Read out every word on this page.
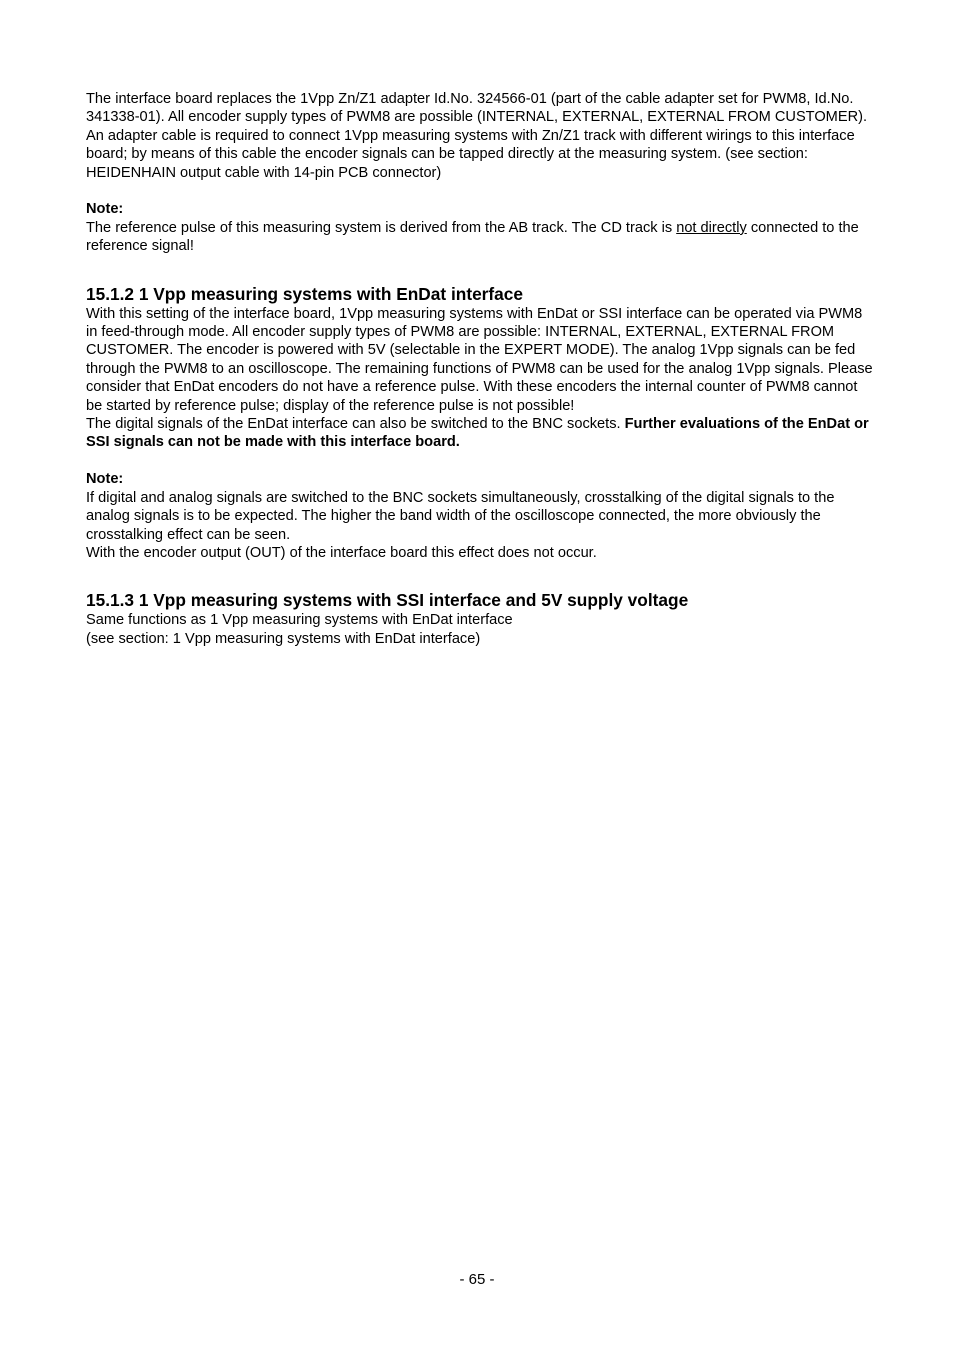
The interface board replaces the 1Vpp Zn/Z1 adapter Id.No. 324566-01 (part of the cable adapter set for PWM8, Id.No. 341338-01). All encoder supply types of PWM8 are possible (INTERNAL, EXTERNAL, EXTERNAL FROM CUSTOMER). An adapter cable is required to connect 1Vpp measuring systems with Zn/Z1 track with different wirings to this interface board; by means of this cable the encoder signals can be tapped directly at the measuring system. (see section: HEIDENHAIN output cable with 14-pin PCB connector)

Note:

The reference pulse of this measuring system is derived from the AB track. The CD track is not directly connected to the reference signal!

15.1.2 1 Vpp measuring systems with EnDat interface

With this setting of the interface board, 1Vpp measuring systems with EnDat or SSI interface can be operated via PWM8 in feed-through mode. All encoder supply types of PWM8 are possible: INTERNAL, EXTERNAL, EXTERNAL FROM CUSTOMER. The encoder is powered with 5V (selectable in the EXPERT MODE). The analog 1Vpp signals can be fed through the PWM8 to an oscilloscope. The remaining functions of PWM8 can be used for the analog 1Vpp signals. Please consider that EnDat encoders do not have a reference pulse. With these encoders the internal counter of PWM8 cannot be started by reference pulse; display of the reference pulse is not possible!

The digital signals of the EnDat interface can also be switched to the BNC sockets. Further evaluations of the EnDat or SSI signals can not be made with this interface board.

Note:

If digital and analog signals are switched to the BNC sockets simultaneously, crosstalking of the digital signals to the analog signals is to be expected. The higher the band width of the oscilloscope connected, the more obviously the crosstalking effect can be seen.

With the encoder output (OUT) of the interface board this effect does not occur.

15.1.3 1 Vpp measuring systems with SSI interface and 5V supply voltage

Same functions as 1 Vpp measuring systems with EnDat interface

(see section: 1 Vpp measuring systems with EnDat interface)

- 65 -
